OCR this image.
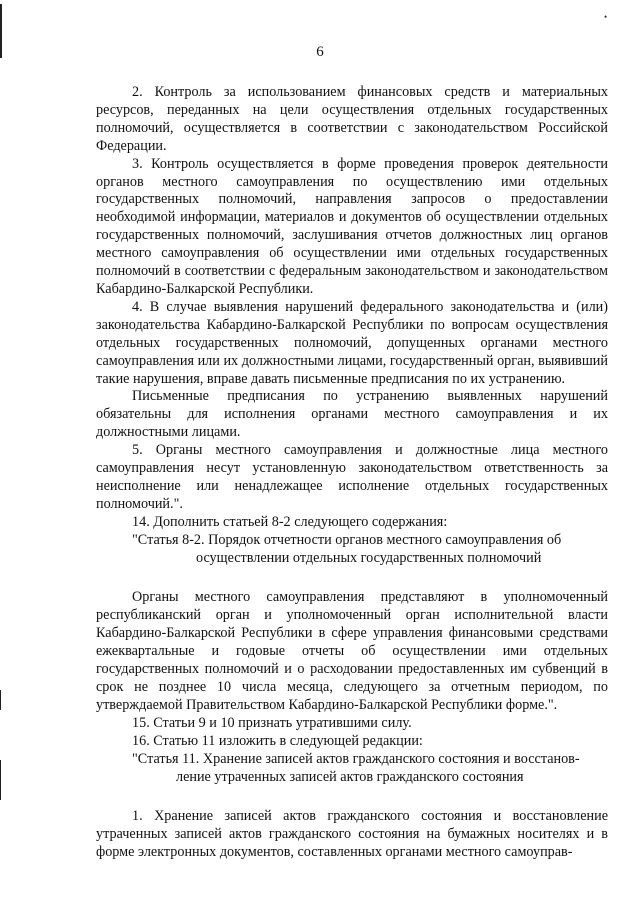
•
6

2. Контроль за использованием финансовых средств и материальных ресурсов, переданных на цели осуществления отдельных государственных полномочий, осуществляется в соответствии с законодательством Российской Федерации.

3. Контроль осуществляется в форме проведения проверок деятельности органов местного самоуправления по осуществлению ими отдельных государственных полномочий, направления запросов о предоставлении необходимой информации, материалов и документов об осуществлении отдельных государственных полномочий, заслушивания отчетов должностных лиц органов местного самоуправления об осуществлении ими отдельных государственных полномочий в соответствии с федеральным законодательством и законодательством Кабардино-Балкарской Республики.

4. В случае выявления нарушений федерального законодательства и (или) законодательства Кабардино-Балкарской Республики по вопросам осуществления отдельных государственных полномочий, допущенных органами местного самоуправления или их должностными лицами, государственный орган, выявивший такие нарушения, вправе давать письменные предписания по их устранению.

Письменные предписания по устранению выявленных нарушений обязательны для исполнения органами местного самоуправления и их должностными лицами.

5. Органы местного самоуправления и должностные лица местного самоуправления несут установленную законодательством ответственность за неисполнение или ненадлежащее исполнение отдельных государственных полномочий.".

14. Дополнить статьей 8-2 следующего содержания:

"Статья 8-2. Порядок отчетности органов местного самоуправления об

осуществлении отдельных государственных полномочий

Органы местного самоуправления представляют в уполномоченный республиканский орган и уполномоченный орган исполнительной власти Кабардино-Балкарской Республики в сфере управления финансовыми средствами ежеквартальные и годовые отчеты об осуществлении ими отдельных государственных полномочий и о расходовании предоставленных им субвенций в срок не позднее 10 числа месяца, следующего за отчетным периодом, по утверждаемой Правительством Кабардино-Балкарской Республики форме.".

15. Статьи 9 и 10 признать утратившими силу.

16. Статью 11 изложить в следующей редакции:

"Статья 11. Хранение записей актов гражданского состояния и восстанов-

ление утраченных записей актов гражданского состояния

1. Хранение записей актов гражданского состояния и восстановление утраченных записей актов гражданского состояния на бумажных носителях и в форме электронных документов, составленных органами местного самоуправ-
